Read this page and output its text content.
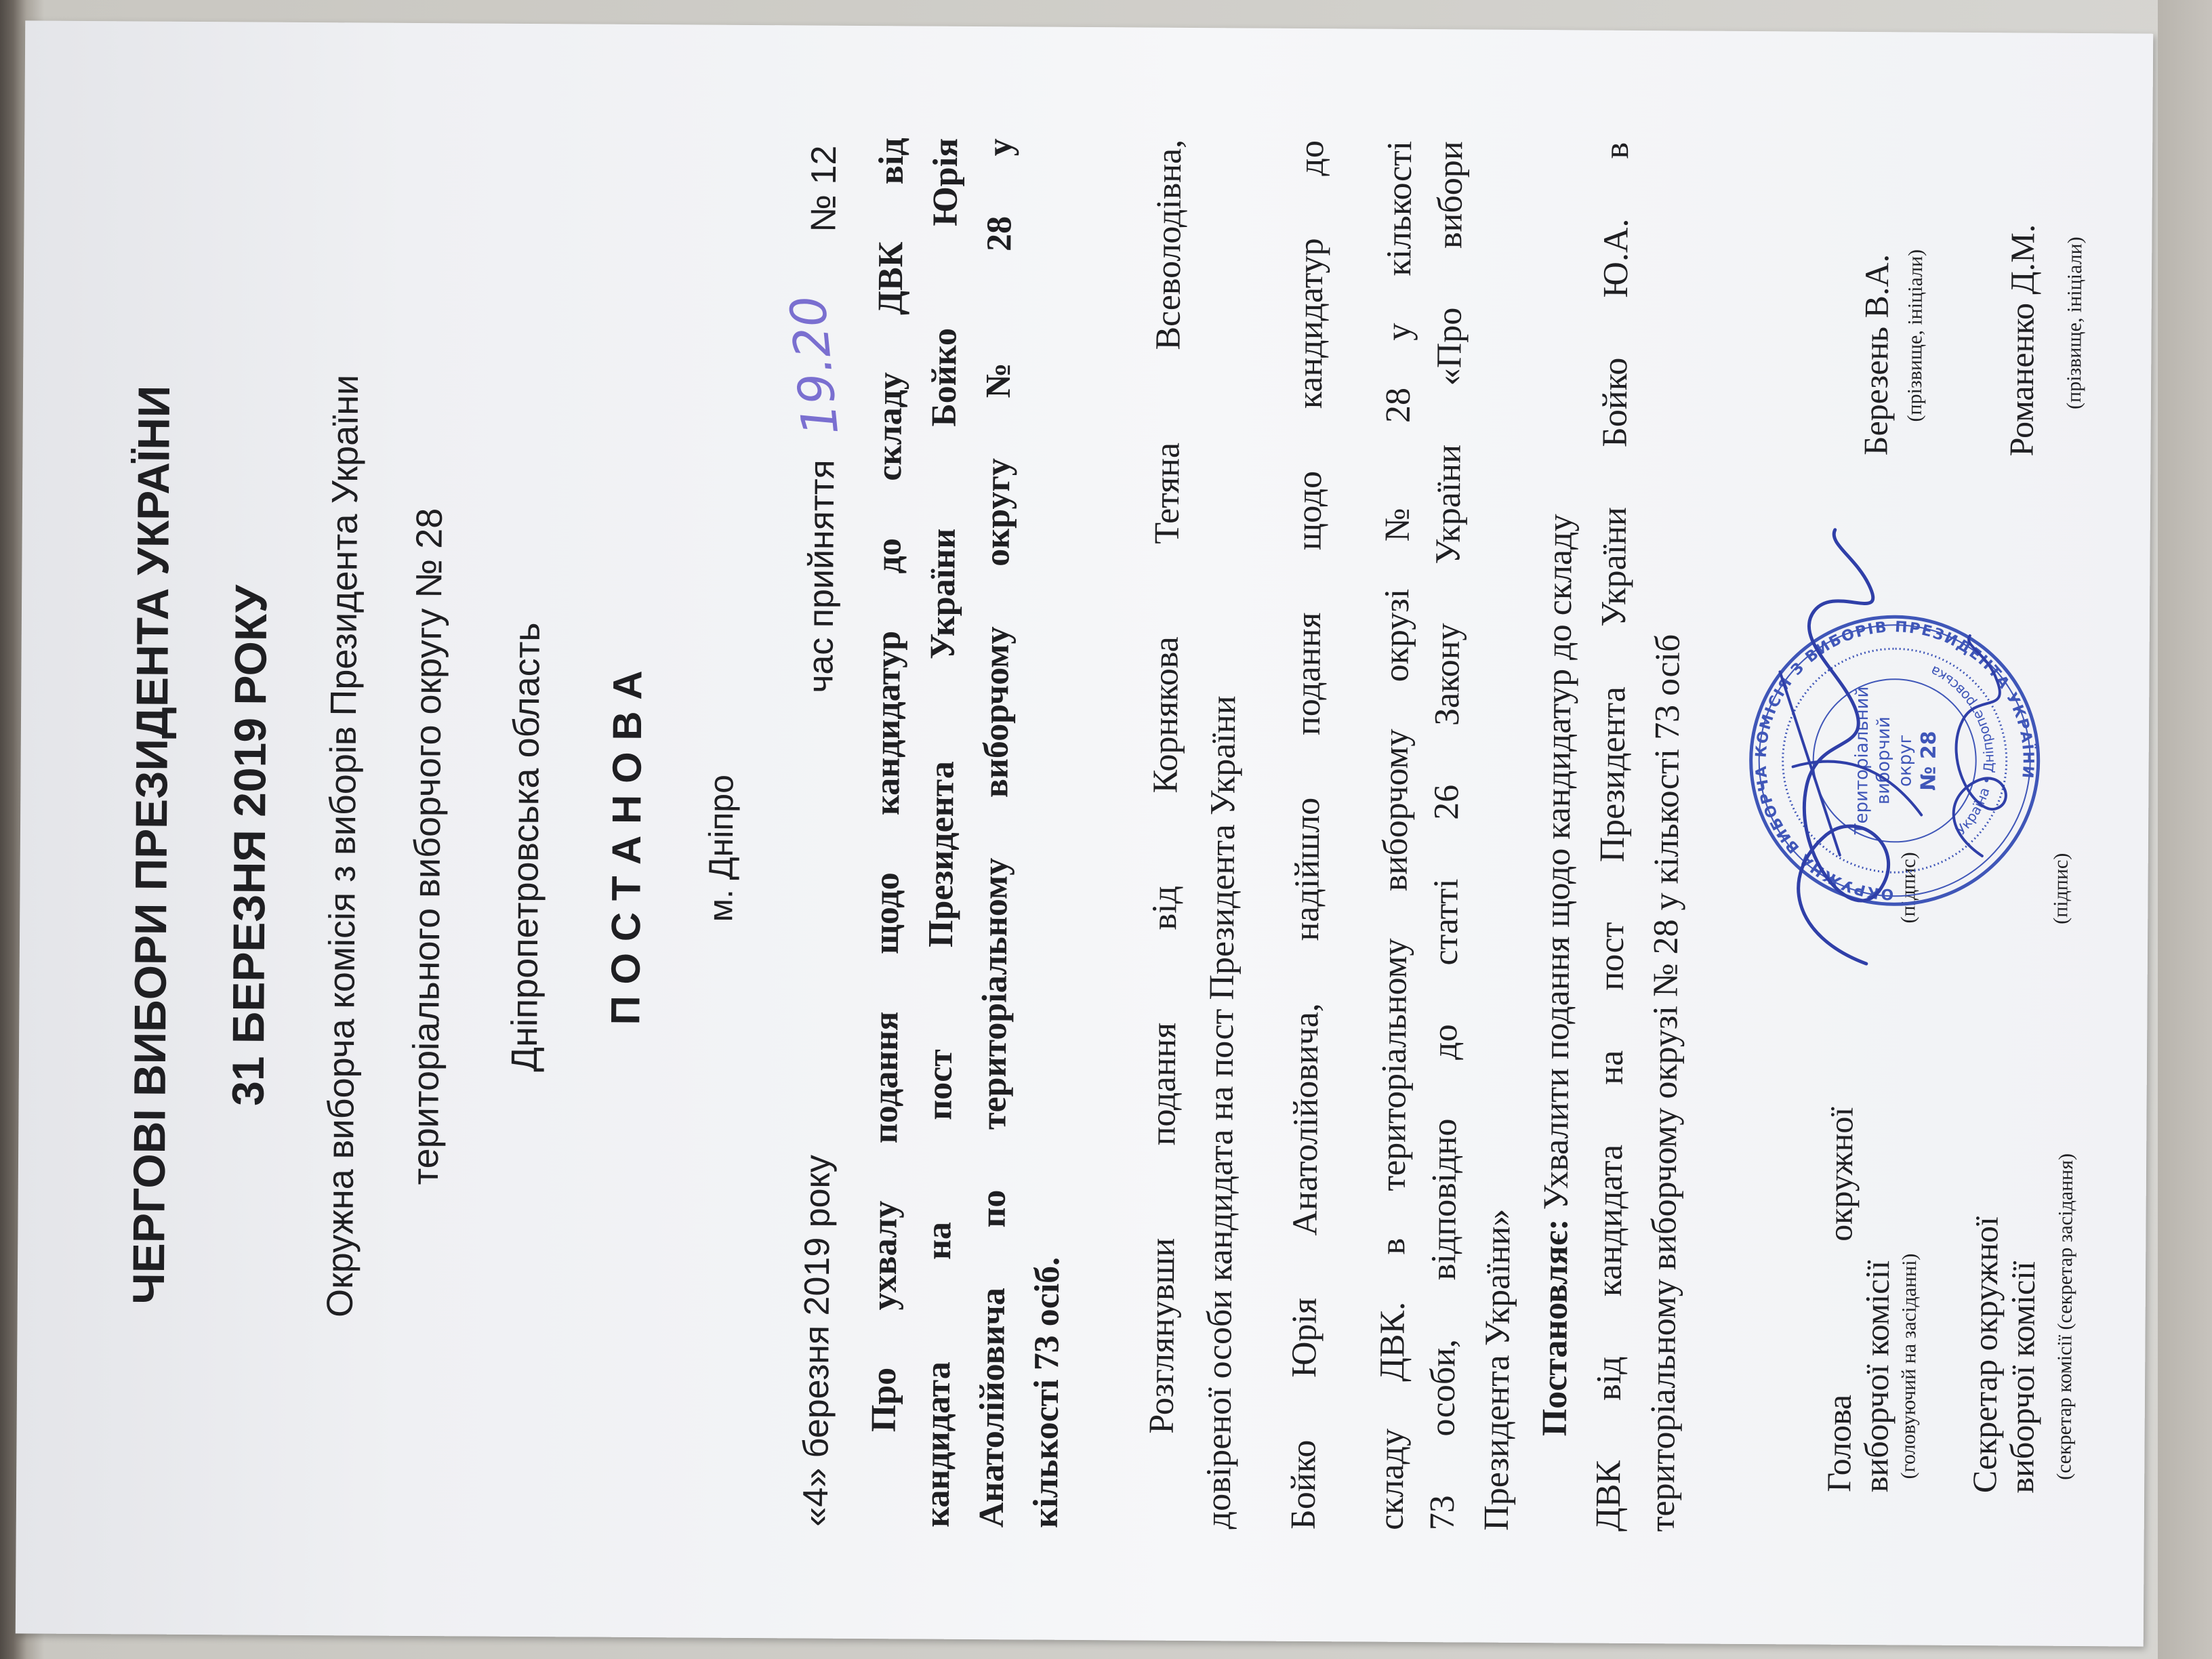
ЧЕРГОВІ ВИБОРИ ПРЕЗИДЕНТА УКРАЇНИ 31 БЕРЕЗНЯ 2019 РОКУ Окружна виборча комісія з виборів Президента України територіального виборчого округу № 28 Дніпропетровська область П О С Т А Н О В А м. Дніпро
«4» березня 2019 року
час прийняття
19.20
№ 12 Про ухвалу подання щодо кандидатур до складу ДВК від кандидата на пост Президента України Бойко Юрія Анатолійовича по територіальному виборчому округу № 28 у кількості 73 осіб. Розглянувши подання від Корнякова Тетяна Всеволодівна, довіреної особи кандидата на пост Президента України Бойко Юрія Анатолійовича, надійшло подання щодо кандидатур до складу ДВК. в територіальному виборчому окрузі № 28 у кількості 73 особи, відповідно до статті 26 Закону України «Про вибори Президента України» Постановляє: Ухвалити подання щодо кандидатур до складу ДВК від кандидата на пост Президента України Бойко Ю.А. в територіальному виборчому окрузі № 28 у кількості 73 осіб	Голова
окружної
виборчої комісії (головуючий на засіданні)
(підпис)
Березень В.А. (прізвище, ініціали)
Секретар окружної
виборчої комісії (секретар комісії (секретар засідання)
(підпис)
Романенко Д.М. (прізвище, ініціали)
ОКРУЖНА ВИБОРЧА КОМІСІЯ З ВИБОРІВ ПРЕЗИДЕНТА УКРАЇНИ
Україна • Дніпропетровська
Територіальний виборчий округ № 28
